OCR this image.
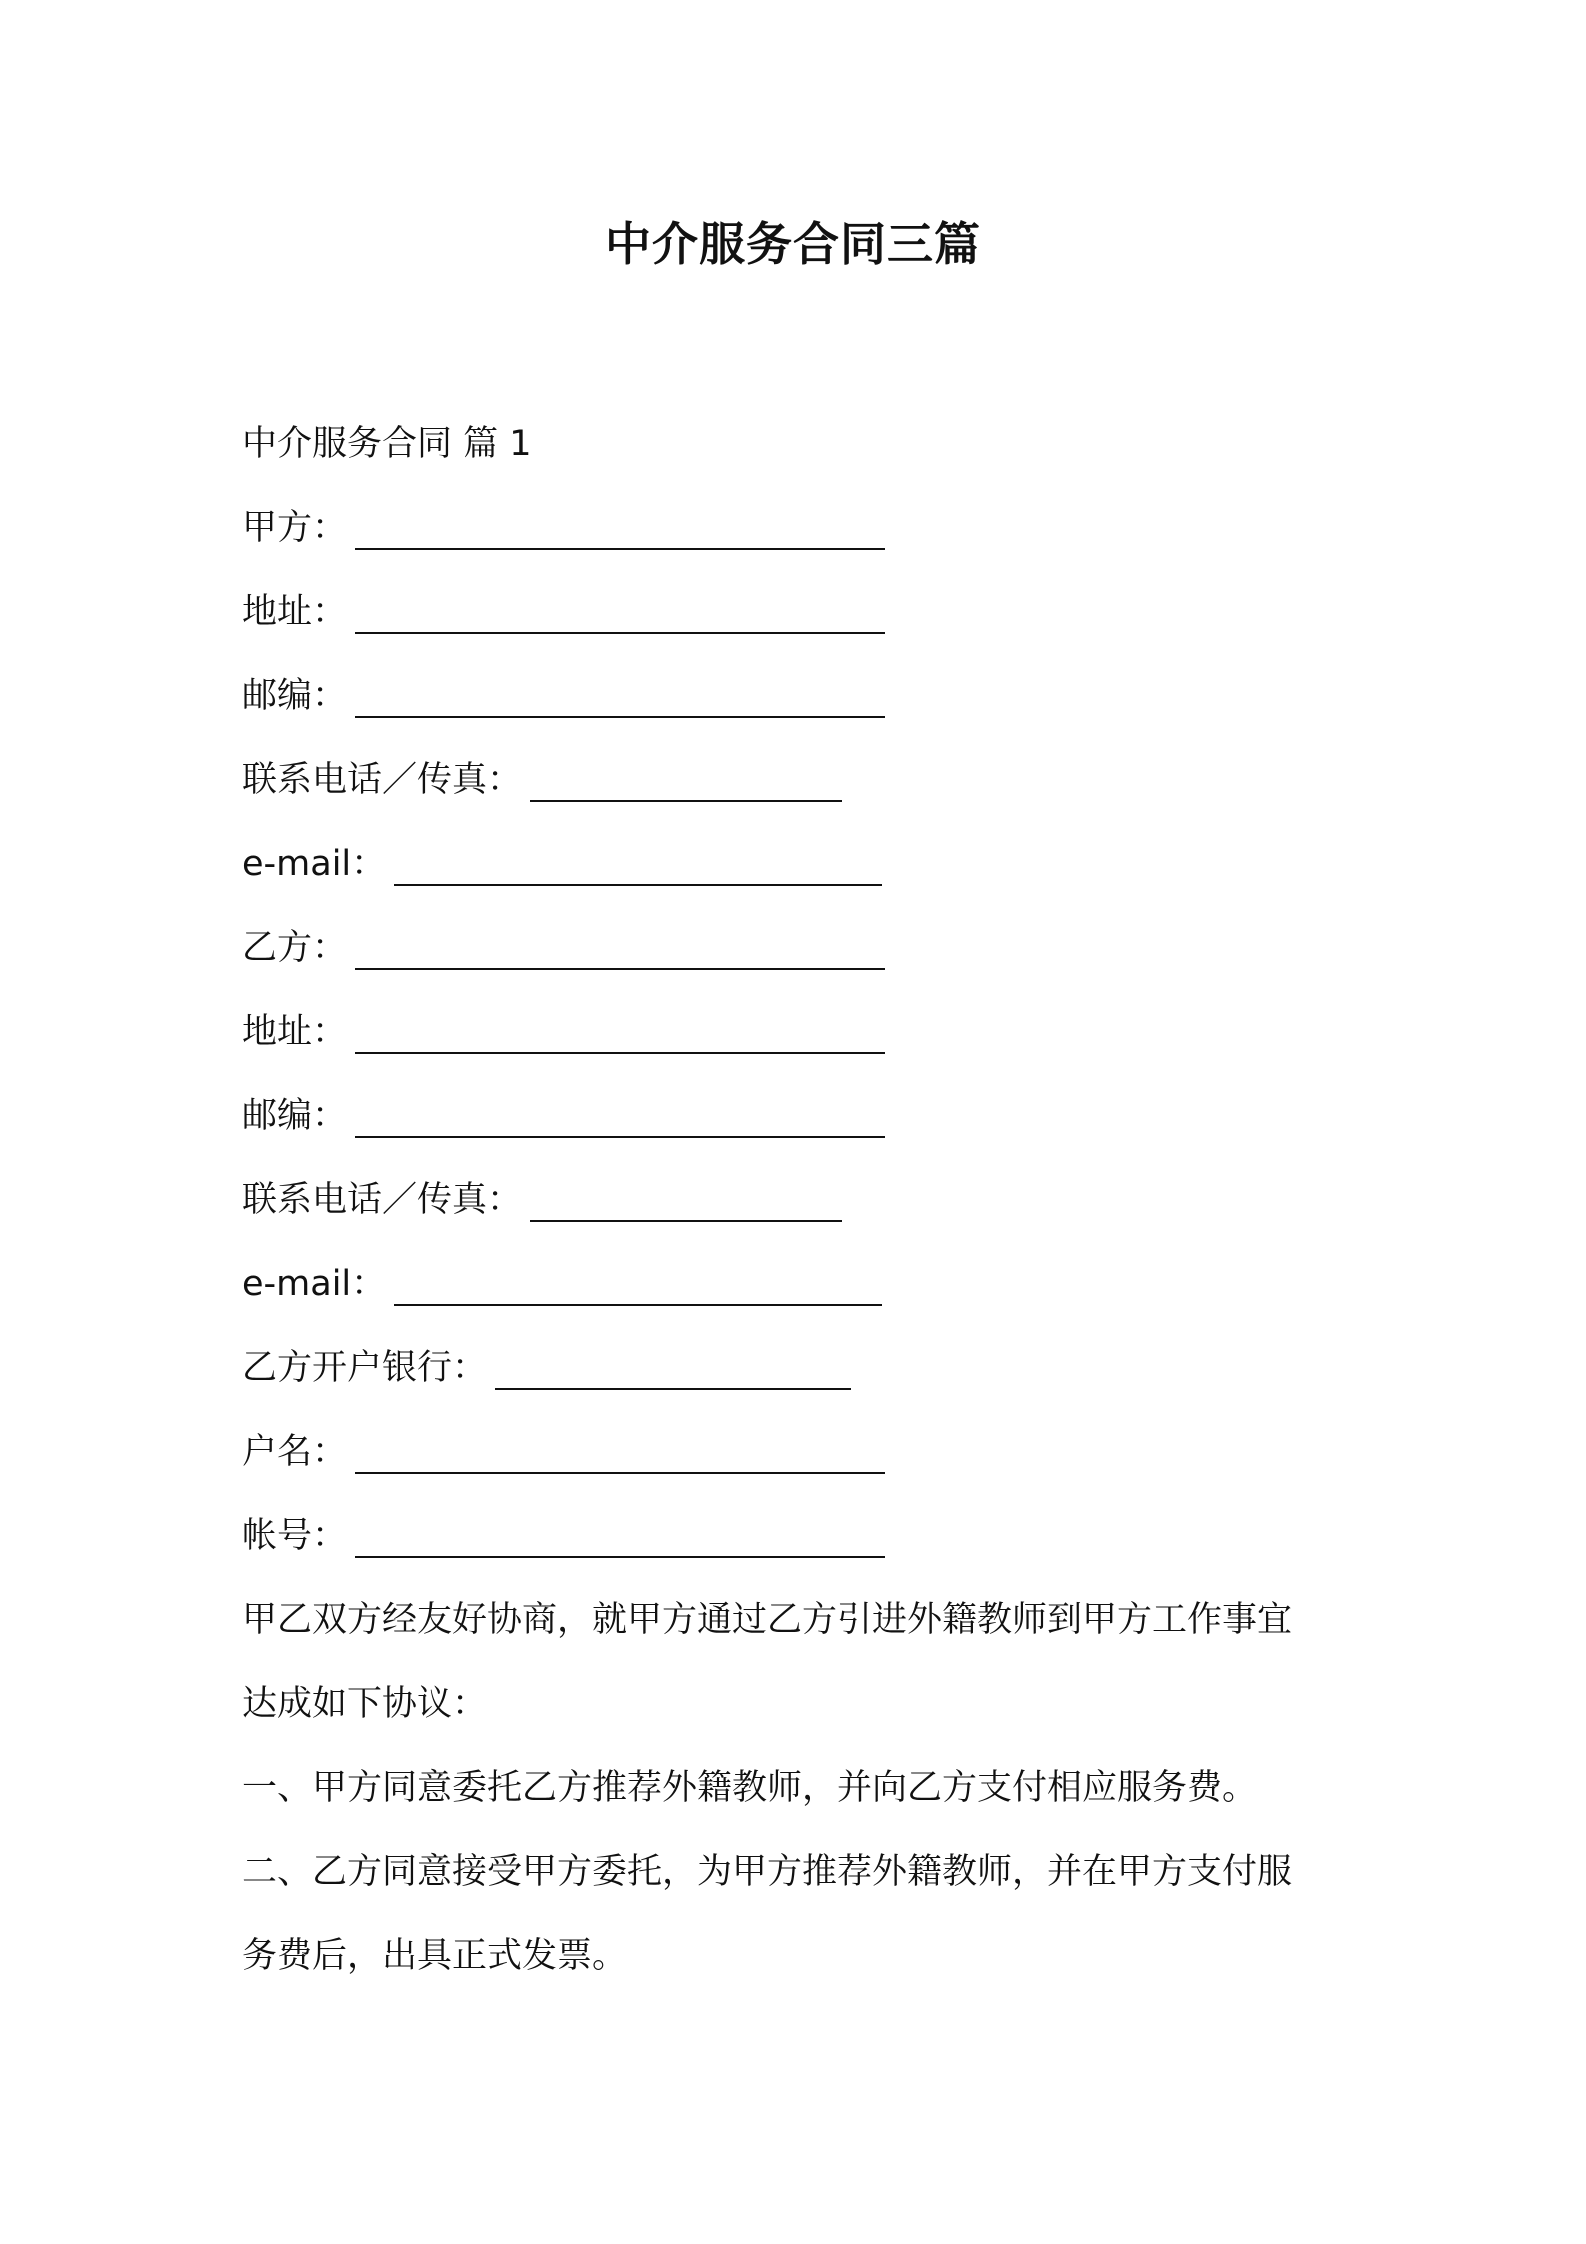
中介服务合同三篇
中介服务合同 篇 1
甲方：
地址：
邮编：
联系电话／传真：
e-mail：
乙方：
地址：
邮编：
联系电话／传真：
e-mail：
乙方开户银行：
户名：
帐号：
甲乙双方经友好协商，就甲方通过乙方引进外籍教师到甲方工作事宜
达成如下协议：
一、甲方同意委托乙方推荐外籍教师，并向乙方支付相应服务费。
二、乙方同意接受甲方委托，为甲方推荐外籍教师，并在甲方支付服
务费后，出具正式发票。
